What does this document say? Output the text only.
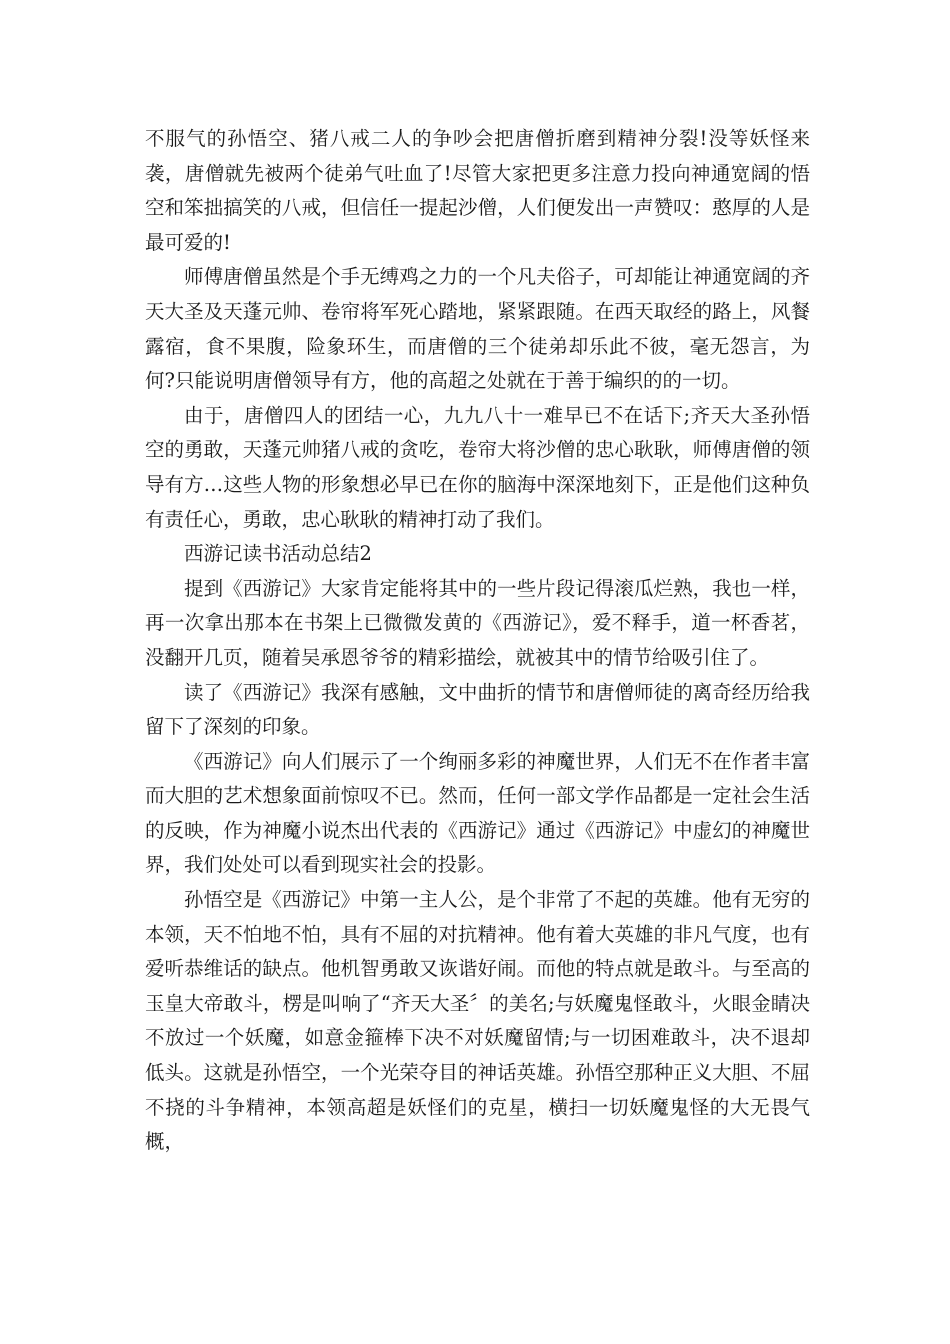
不服气的孙悟空、猪八戒二人的争吵会把唐僧折磨到精神分裂!没等妖怪来袭，唐僧就先被两个徒弟气吐血了!尽管大家把更多注意力投向神通宽阔的悟空和笨拙搞笑的八戒，但信任一提起沙僧，人们便发出一声赞叹：憨厚的人是最可爱的!

师傅唐僧虽然是个手无缚鸡之力的一个凡夫俗子，可却能让神通宽阔的齐天大圣及天蓬元帅、卷帘将军死心踏地，紧紧跟随。在西天取经的路上，风餐露宿，食不果腹，险象环生，而唐僧的三个徒弟却乐此不彼，毫无怨言，为何?只能说明唐僧领导有方，他的高超之处就在于善于编织的的一切。

由于，唐僧四人的团结一心，九九八十一难早已不在话下;齐天大圣孙悟空的勇敢，天蓬元帅猪八戒的贪吃，卷帘大将沙僧的忠心耿耿，师傅唐僧的领导有方…这些人物的形象想必早已在你的脑海中深深地刻下，正是他们这种负有责任心，勇敢，忠心耿耿的精神打动了我们。

西游记读书活动总结2

提到《西游记》大家肯定能将其中的一些片段记得滚瓜烂熟，我也一样，再一次拿出那本在书架上已微微发黄的《西游记》，爱不释手，道一杯香茗，没翻开几页，随着吴承恩爷爷的精彩描绘，就被其中的情节给吸引住了。

读了《西游记》我深有感触，文中曲折的情节和唐僧师徒的离奇经历给我留下了深刻的印象。

《西游记》向人们展示了一个绚丽多彩的神魔世界，人们无不在作者丰富而大胆的艺术想象面前惊叹不已。然而，任何一部文学作品都是一定社会生活的反映，作为神魔小说杰出代表的《西游记》通过《西游记》中虚幻的神魔世界，我们处处可以看到现实社会的投影。

孙悟空是《西游记》中第一主人公，是个非常了不起的英雄。他有无穷的本领，天不怕地不怕，具有不屈的对抗精神。他有着大英雄的非凡气度，也有爱听恭维话的缺点。他机智勇敢又诙谐好闹。而他的特点就是敢斗。与至高的玉皇大帝敢斗，楞是叫响了“齐天大圣〞的美名;与妖魔鬼怪敢斗，火眼金睛决不放过一个妖魔，如意金箍棒下决不对妖魔留情;与一切困难敢斗，决不退却低头。这就是孙悟空，一个光荣夺目的神话英雄。孙悟空那种正义大胆、不屈不挠的斗争精神，本领高超是妖怪们的克星，横扫一切妖魔鬼怪的大无畏气概，
